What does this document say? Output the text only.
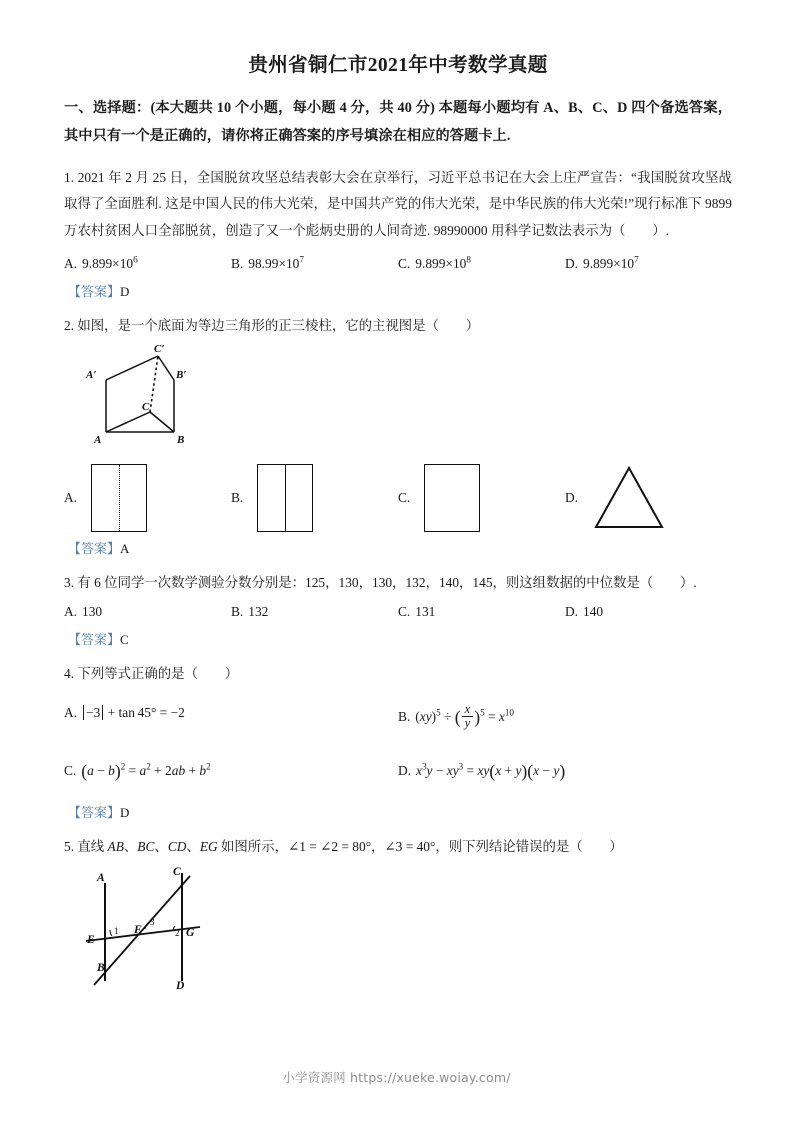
贵州省铜仁市2021年中考数学真题

一、选择题：(本大题共 10 个小题，每小题 4 分，共 40 分) 本题每小题均有 A、B、C、D 四个备选答案，其中只有一个是正确的，请你将正确答案的序号填涂在相应的答题卡上.

1. 2021 年 2 月 25 日，全国脱贫攻坚总结表彰大会在京举行，习近平总书记在大会上庄严宣告：“我国脱贫攻坚战取得了全面胜利. 这是中国人民的伟大光荣，是中国共产党的伟大光荣，是中华民族的伟大光荣!”现行标准下 9899 万农村贫困人口全部脱贫，创造了又一个彪炳史册的人间奇迹. 98990000 用科学记数法表示为（　　）.

A. $9.899\times 10^6$	B. $98.99\times 10^7$	C. $9.899\times 10^8$	D. $9.899\times 10^7$

【答案】D

2. 如图，是一个底面为等边三角形的正三棱柱，它的主视图是（　　）

C′
A′	B′
C
A	B
A.	B.	C.	D.

【答案】A

3. 有 6 位同学一次数学测验分数分别是：125，130，130，132，140，145，则这组数据的中位数是（　　）.

A. 130	B. 132	C. 131	D. 140

【答案】C

4. 下列等式正确的是（　　）

A. −3 + tan 45° = −2	B. (xy)$^5$ ÷ ( $\frac{x}{y} )^5 = x^{10}$
C. $(a - b)^2 = a^2 + 2ab + b^2$	D. $x^3y - xy^3 = xy(x + y)(x - y)$

【答案】D

5. 直线 AB、BC、CD、EG 如图所示，∠1 = ∠2 = 80°，∠3 = 40°，则下列结论错误的是（　　）

A
B
C
D
E
F	G
1
3
2
小学资源网 https://xueke.woiay.com/
